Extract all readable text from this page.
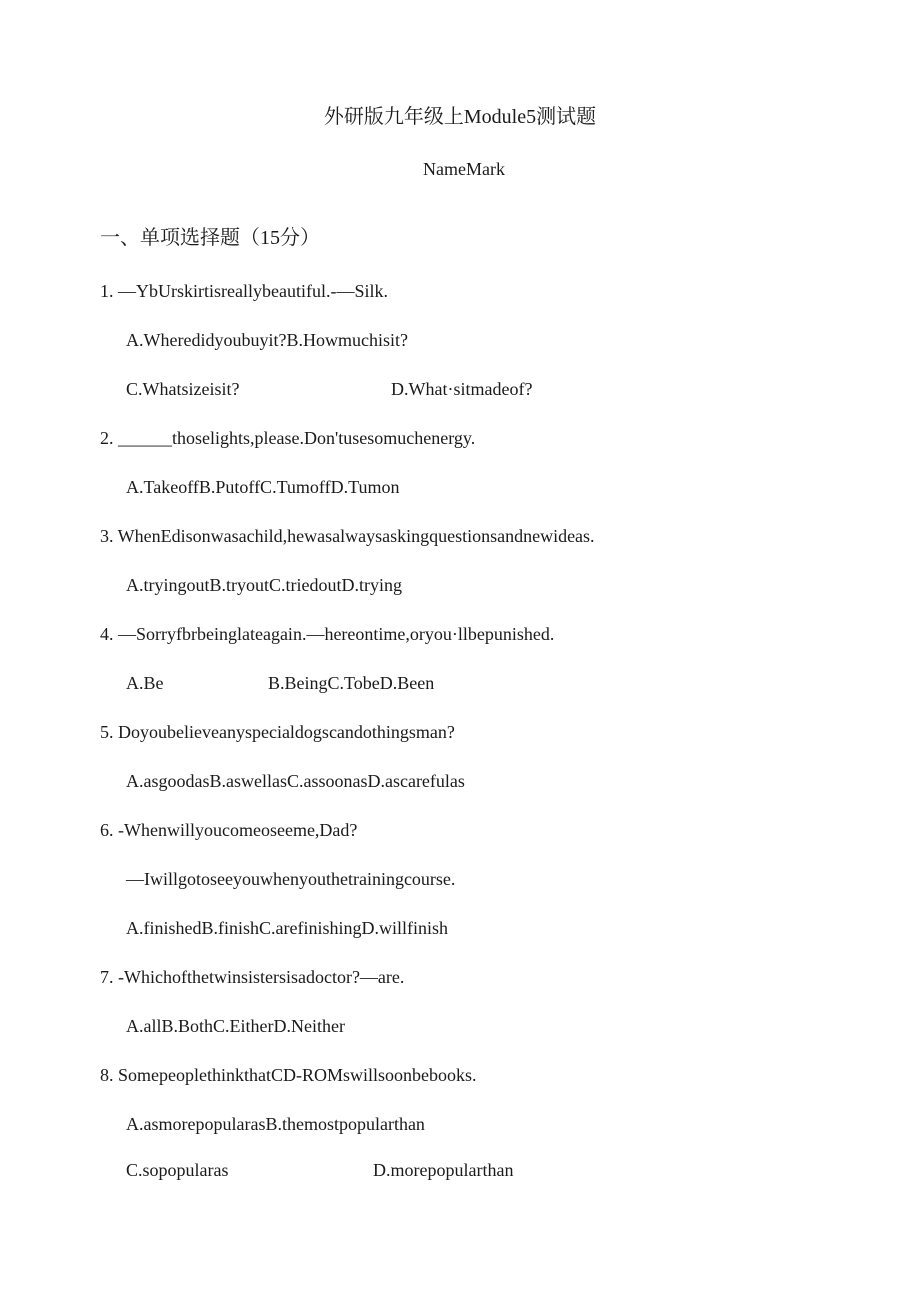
外研版九年级上Module5测试题
NameMark
一、单项选择题（15分）
1. —YbUrskirtisreallybeautiful.-—Silk.
A.Wheredidyoubuyit?B.Howmuchisit?
C.Whatsizeisit?	D.What·sitmadeof?
2. ______thoselights,please.Don'tusesomuchenergy.
A.TakeoffB.PutoffC.TumoffD.Tumon
3. WhenEdisonwasachild,hewasalwaysaskingquestionsandnewideas.
A.tryingoutB.tryoutC.triedoutD.trying
4. —Sorryfbrbeinglateagain.—hereontime,oryou·llbepunished.
A.Be	B.BeingC.TobeD.Been
5. Doyoubelieveanyspecialdogscandothingsman?
A.asgoodasB.aswellasC.assoonasD.ascarefulas
6. -Whenwillyoucomeoseeme,Dad?
—Iwillgotoseeyouwhenyouthetrainingcourse.
A.finishedB.finishC.arefinishingD.willfinish
7. -Whichofthetwinsistersisadoctor?—are.
A.allB.BothC.EitherD.Neither
8. SomepeoplethinkthatCD-ROMswillsoonbebooks.
A.asmorepopularasB.themostpopularthan
C.sopopularas	D.morepopularthan
